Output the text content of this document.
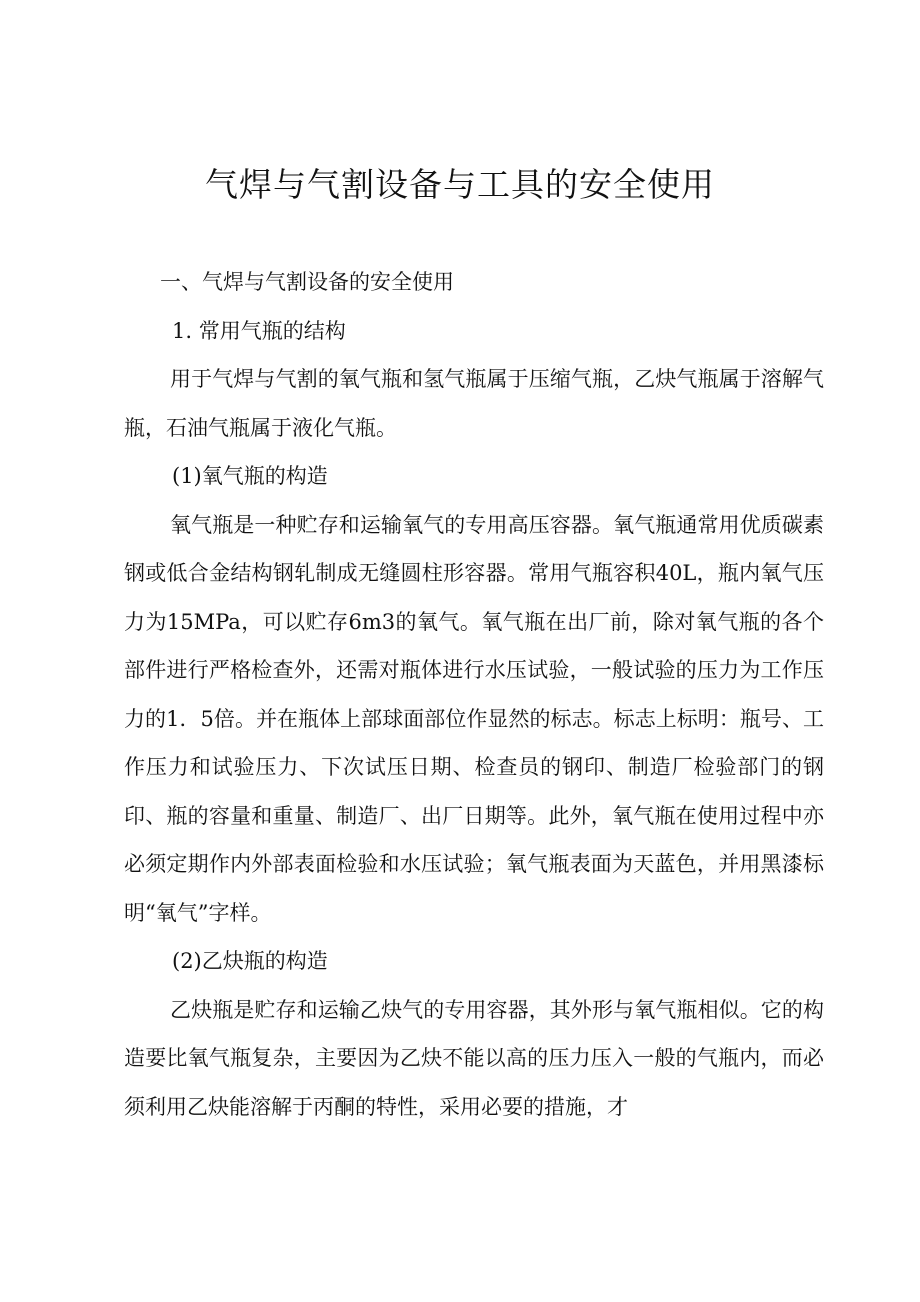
气焊与气割设备与工具的安全使用

一、气焊与气割设备的安全使用

1. 常用气瓶的结构

用于气焊与气割的氧气瓶和氢气瓶属于压缩气瓶，乙炔气瓶属于溶解气瓶，石油气瓶属于液化气瓶。

(1)氧气瓶的构造

氧气瓶是一种贮存和运输氧气的专用高压容器。氧气瓶通常用优质碳素钢或低合金结构钢轧制成无缝圆柱形容器。常用气瓶容积40L，瓶内氧气压力为15MPa，可以贮存6m3的氧气。氧气瓶在出厂前，除对氧气瓶的各个部件进行严格检查外，还需对瓶体进行水压试验，一般试验的压力为工作压力的1．5倍。并在瓶体上部球面部位作显然的标志。标志上标明：瓶号、工作压力和试验压力、下次试压日期、检查员的钢印、制造厂检验部门的钢印、瓶的容量和重量、制造厂、出厂日期等。此外，氧气瓶在使用过程中亦必须定期作内外部表面检验和水压试验；氧气瓶表面为天蓝色，并用黑漆标明“氧气”字样。

(2)乙炔瓶的构造

乙炔瓶是贮存和运输乙炔气的专用容器，其外形与氧气瓶相似。它的构造要比氧气瓶复杂，主要因为乙炔不能以高的压力压入一般的气瓶内，而必须利用乙炔能溶解于丙酮的特性，采用必要的措施，才
